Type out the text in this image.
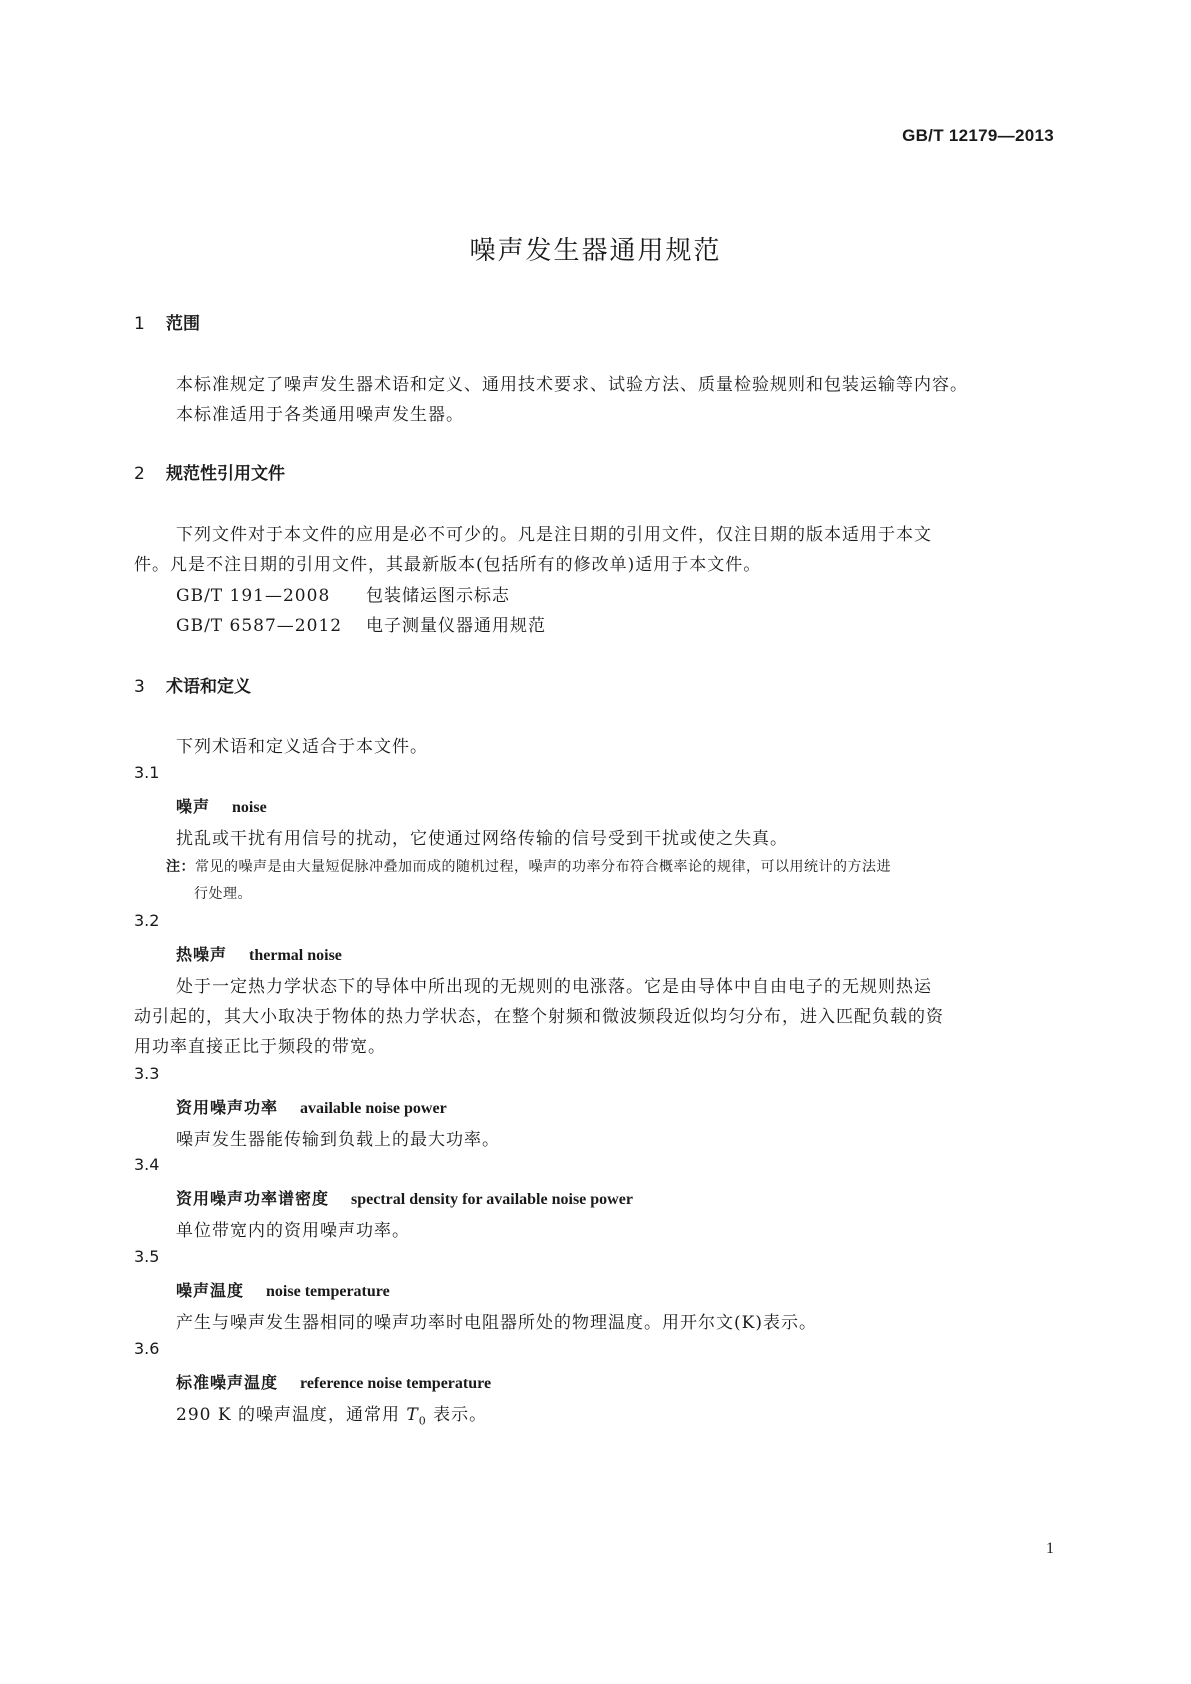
GB/T 12179—2013
噪声发生器通用规范
1 范围
本标准规定了噪声发生器术语和定义、通用技术要求、试验方法、质量检验规则和包装运输等内容。
本标准适用于各类通用噪声发生器。
2 规范性引用文件
下列文件对于本文件的应用是必不可少的。凡是注日期的引用文件，仅注日期的版本适用于本文
件。凡是不注日期的引用文件，其最新版本(包括所有的修改单)适用于本文件。
GB/T 191—2008 包装储运图示标志
GB/T 6587—2012 电子测量仪器通用规范
3 术语和定义
下列术语和定义适合于本文件。
3.1
噪声 noise
扰乱或干扰有用信号的扰动，它使通过网络传输的信号受到干扰或使之失真。
注：常见的噪声是由大量短促脉冲叠加而成的随机过程，噪声的功率分布符合概率论的规律，可以用统计的方法进
行处理。
3.2
热噪声 thermal noise
处于一定热力学状态下的导体中所出现的无规则的电涨落。它是由导体中自由电子的无规则热运
动引起的，其大小取决于物体的热力学状态，在整个射频和微波频段近似均匀分布，进入匹配负载的资
用功率直接正比于频段的带宽。
3.3
资用噪声功率 available noise power
噪声发生器能传输到负载上的最大功率。
3.4
资用噪声功率谱密度 spectral density for available noise power
单位带宽内的资用噪声功率。
3.5
噪声温度 noise temperature
产生与噪声发生器相同的噪声功率时电阻器所处的物理温度。用开尔文(K)表示。
3.6
标准噪声温度 reference noise temperature
290 K 的噪声温度，通常用 $T_0$ 表示。
1
